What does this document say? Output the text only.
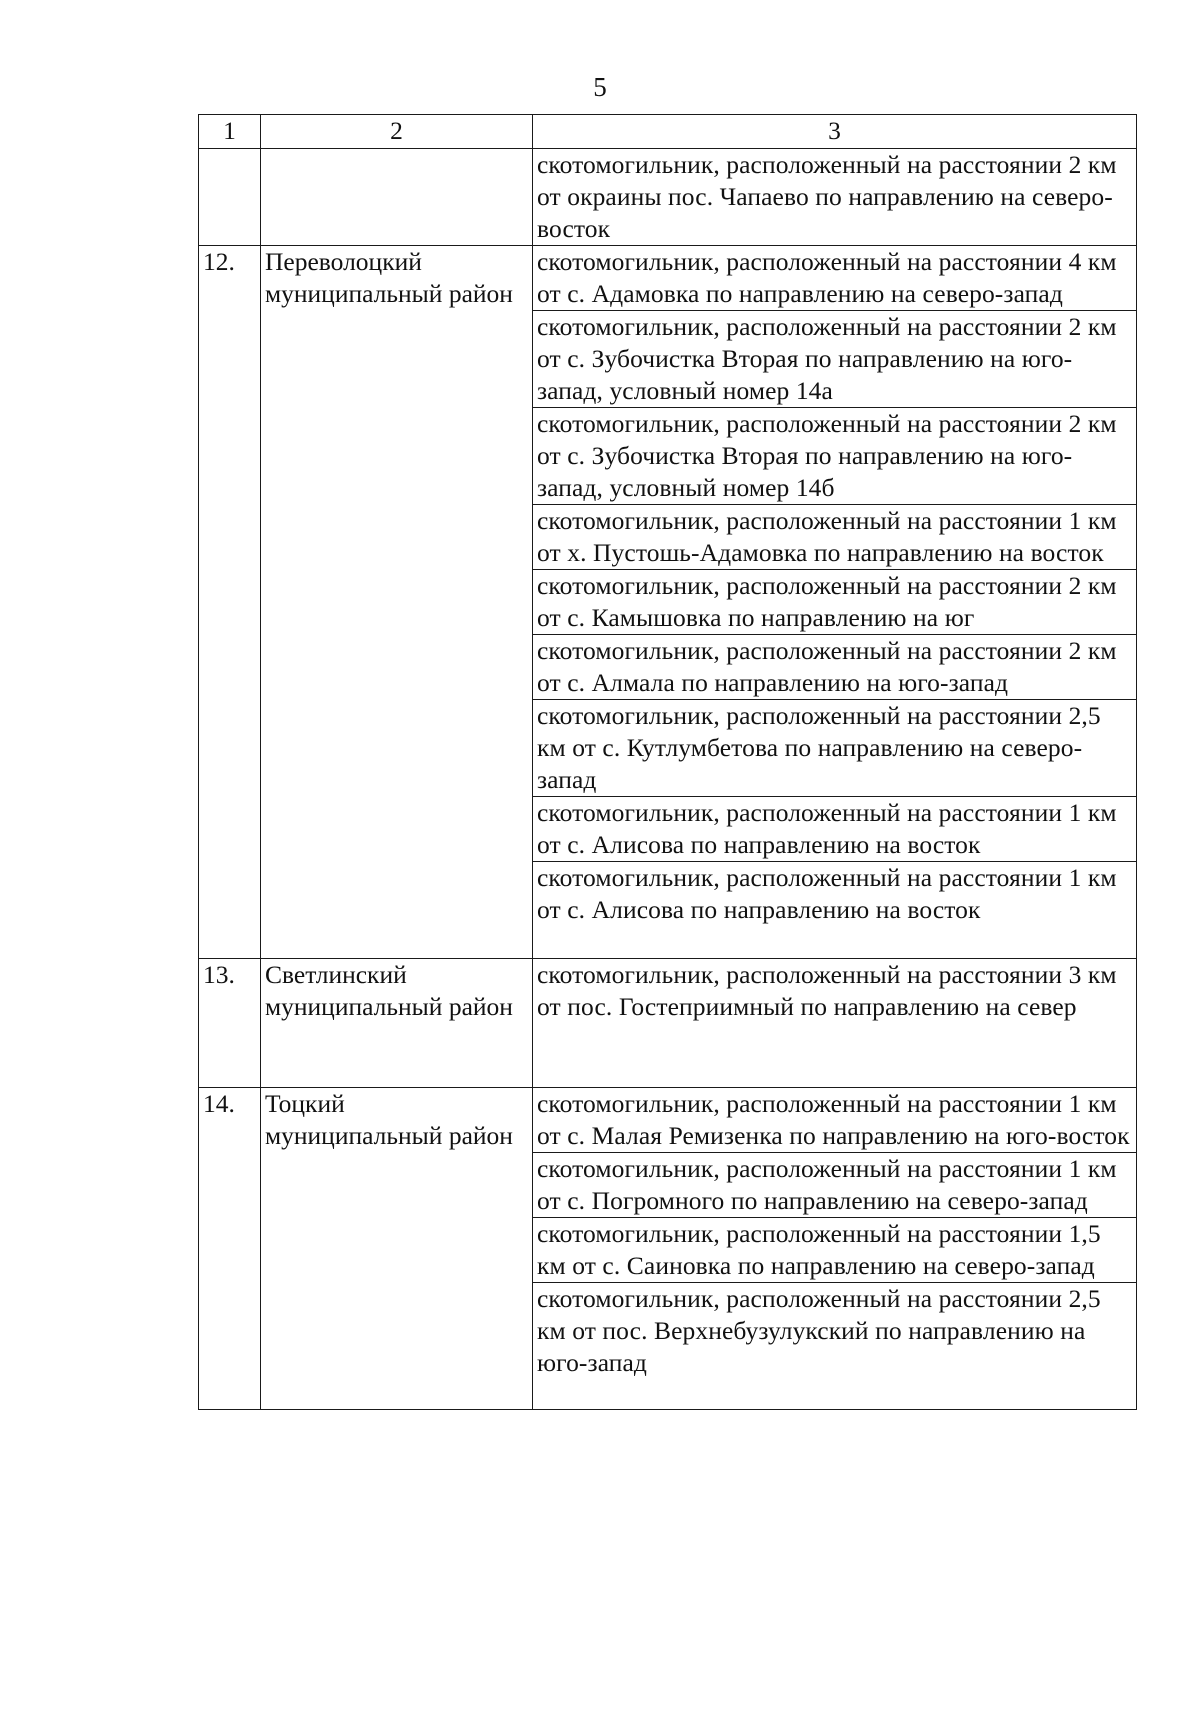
5
1	2	3
		скотомогильник, расположенный на расстоянии 2 км от окраины пос. Чапаево по направлению на северо-восток
12.	Переволоцкий муниципальный район	скотомогильник, расположенный на расстоянии 4 км от с. Адамовка по направлению на северо-запад
		скотомогильник, расположенный на расстоянии 2 км от с. Зубочистка Вторая по направлению на юго-запад, условный номер 14а
		скотомогильник, расположенный на расстоянии 2 км от с. Зубочистка Вторая по направлению на юго-запад, условный номер 14б
		скотомогильник, расположенный на расстоянии 1 км от х. Пустошь-Адамовка по направлению на восток
		скотомогильник, расположенный на расстоянии 2 км от с. Камышовка по направлению на юг
		скотомогильник, расположенный на расстоянии 2 км от с. Алмала по направлению на юго-запад
		скотомогильник, расположенный на расстоянии 2,5 км от с. Кутлумбетова по направлению на северо-запад
		скотомогильник, расположенный на расстоянии 1 км от с. Алисова по направлению на восток
		скотомогильник, расположенный на расстоянии 1 км от с. Алисова по направлению на восток
13.	Светлинский муниципальный район	скотомогильник, расположенный на расстоянии 3 км от пос. Гостеприимный по направлению на север
14.	Тоцкий муниципальный район	скотомогильник, расположенный на расстоянии 1 км от с. Малая Ремизенка по направлению на юго-восток
		скотомогильник, расположенный на расстоянии 1 км от с. Погромного по направлению на северо-запад
		скотомогильник, расположенный на расстоянии 1,5 км от с. Саиновка по направлению на северо-запад
		скотомогильник, расположенный на расстоянии 2,5 км от пос. Верхнебузулукский по направлению на юго-запад
